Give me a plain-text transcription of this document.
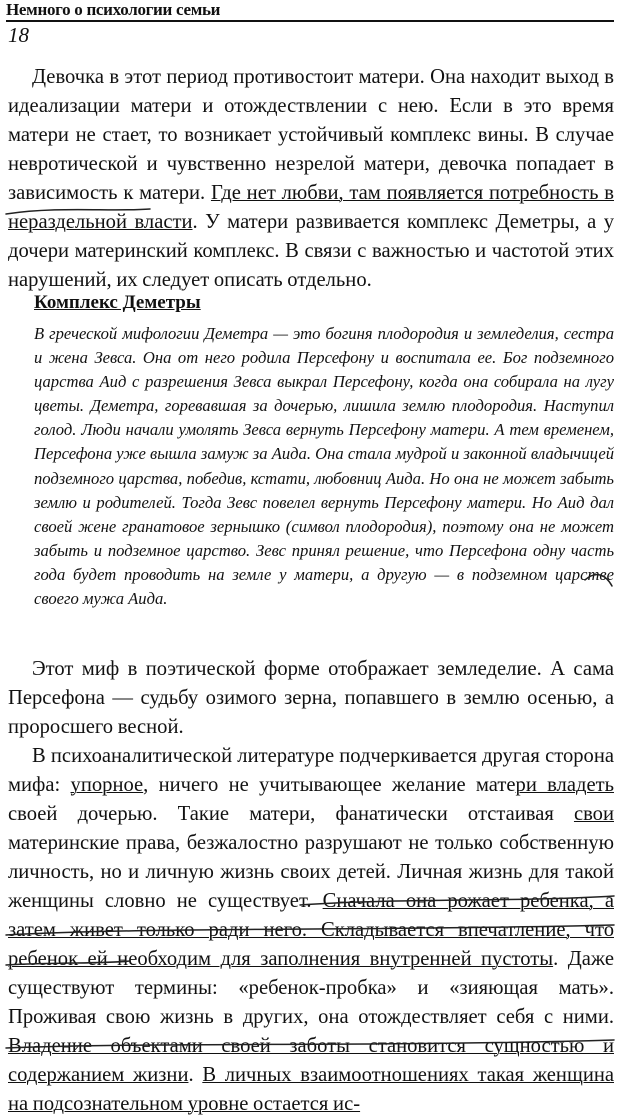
Немного о психологии семьи
18

Девочка в этот период противостоит матери. Она находит выход в идеализации матери и отождествлении с нею. Если в это время матери не стает, то возникает устойчивый комплекс вины. В случае невротической и чувственно незрелой матери, девочка попадает в зависимость к матери. Где нет любви, там появляется потребность в нераздельной власти. У матери развивается комплекс Деметры, а у дочери материнский комплекс. В связи с важностью и частотой этих нарушений, их следует описать отдельно.

Комплекс Деметры

В греческой мифологии Деметра — это богиня плодородия и земледелия, сестра и жена Зевса. Она от него родила Персефону и воспитала ее. Бог подземного царства Аид с разрешения Зевса выкрал Персефону, когда она собирала на лугу цветы. Деметра, горевавшая за дочерью, лишила землю плодородия. Наступил голод. Люди начали умолять Зевса вернуть Персефону матери. А тем временем, Персефона уже вышла замуж за Аида. Она стала мудрой и законной владычицей подземного царства, победив, кстати, любовниц Аида. Но она не может забыть землю и родителей. Тогда Зевс повелел вернуть Персефону матери. Но Аид дал своей жене гранатовое зернышко (символ плодородия), поэтому она не может забыть и подземное царство. Зевс принял решение, что Персефона одну часть года будет проводить на земле у матери, а другую — в подземном царстве своего мужа Аида.

Этот миф в поэтической форме отображает земледелие. А сама Персефона — судьбу озимого зерна, попавшего в землю осенью, а проросшего весной.

В психоаналитической литературе подчеркивается другая сторона мифа: упорное, ничего не учитывающее желание матери владеть своей дочерью. Такие матери, фанатически отстаивая свои материнские права, безжалостно разрушают не только собственную личность, но и личную жизнь своих детей. Личная жизнь для такой женщины словно не существует. Сначала она рожает ребенка, а затем живет только ради него. Складывается впечатление, что ребенок ей необходим для заполнения внутренней пустоты. Даже существуют термины: «ребенок-пробка» и «зияющая мать». Проживая свою жизнь в других, она отождествляет себя с ними. Владение объектами своей заботы становится сущностью и содержанием жизни. В личных взаимоотношениях такая женщина на подсознательном уровне остается ис-
